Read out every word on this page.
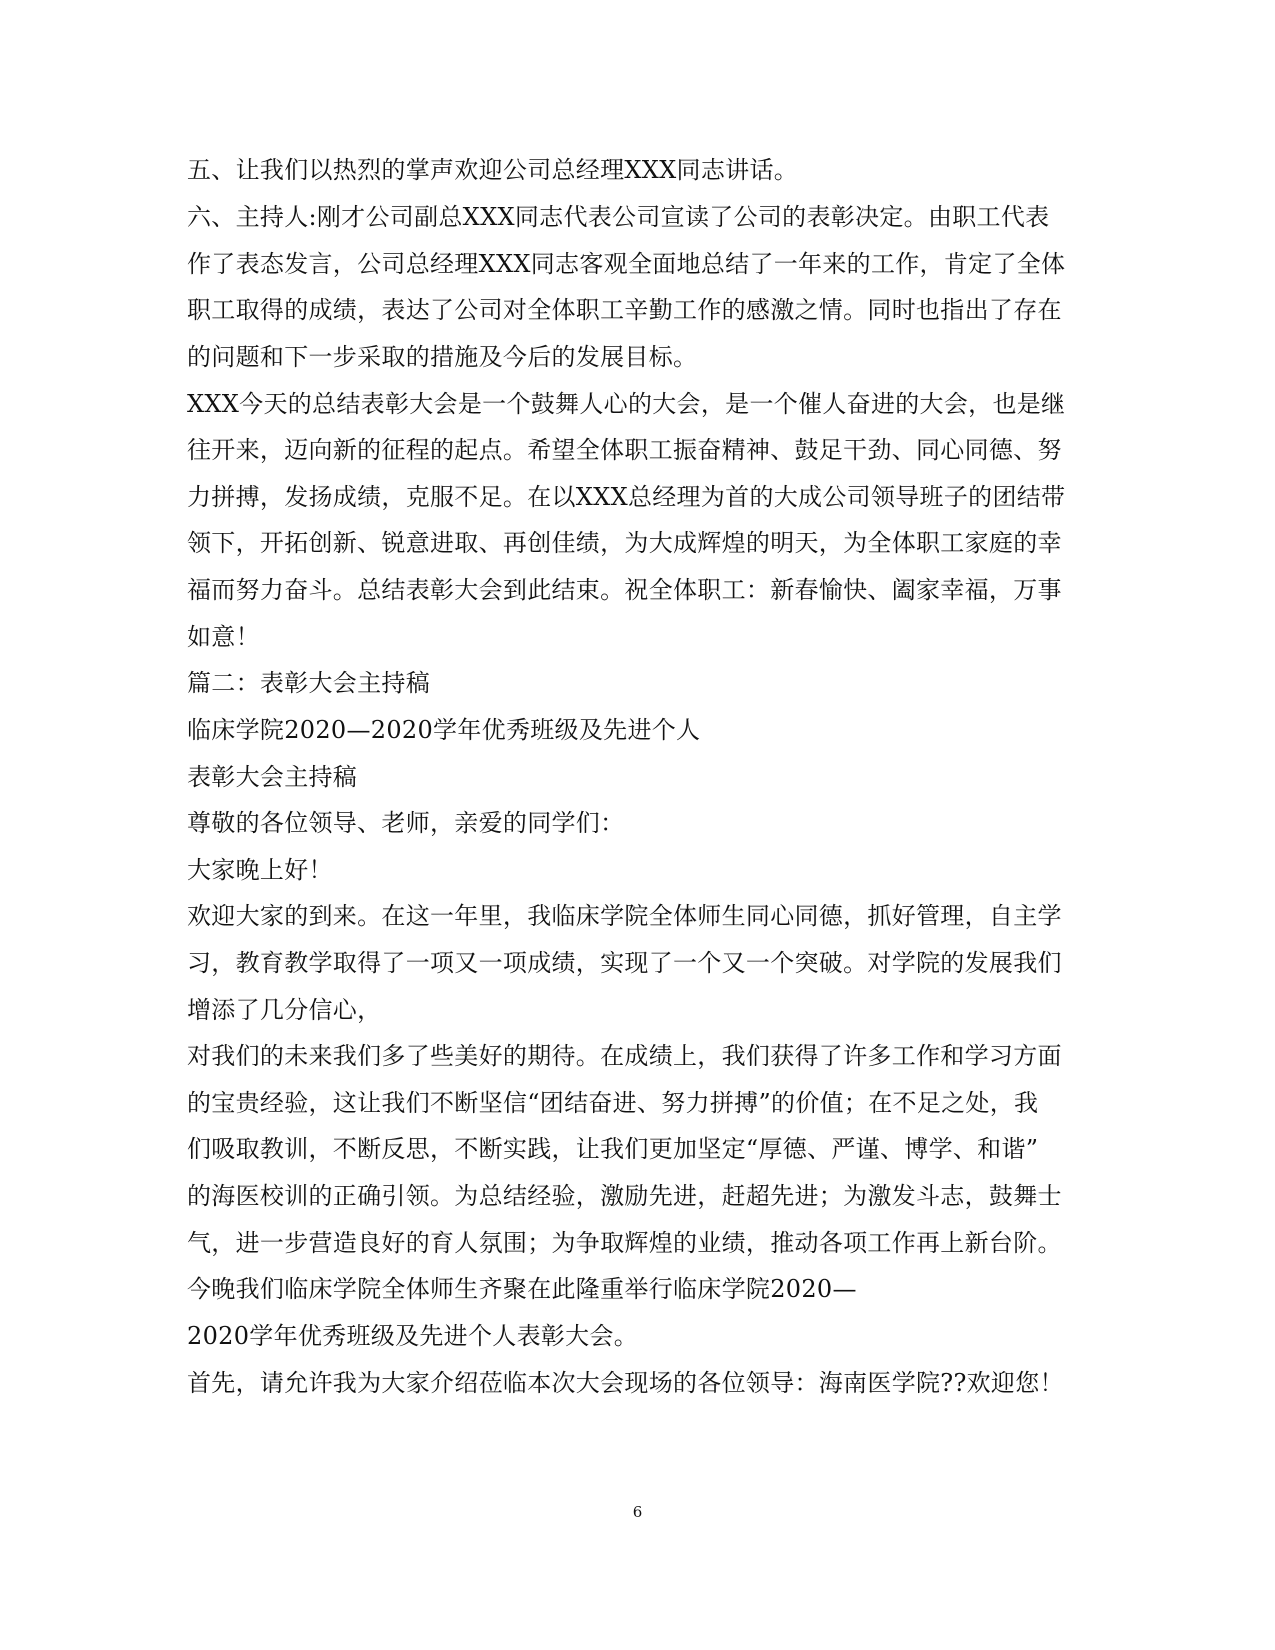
五、让我们以热烈的掌声欢迎公司总经理XXX同志讲话。
六、主持人:刚才公司副总XXX同志代表公司宣读了公司的表彰决定。由职工代表
作了表态发言，公司总经理XXX同志客观全面地总结了一年来的工作，肯定了全体
职工取得的成绩，表达了公司对全体职工辛勤工作的感激之情。同时也指出了存在
的问题和下一步采取的措施及今后的发展目标。
XXX今天的总结表彰大会是一个鼓舞人心的大会，是一个催人奋进的大会，也是继
往开来，迈向新的征程的起点。希望全体职工振奋精神、鼓足干劲、同心同德、努
力拼搏，发扬成绩，克服不足。在以XXX总经理为首的大成公司领导班子的团结带
领下，开拓创新、锐意进取、再创佳绩，为大成辉煌的明天，为全体职工家庭的幸
福而努力奋斗。总结表彰大会到此结束。祝全体职工：新春愉快、阖家幸福，万事
如意！
篇二：表彰大会主持稿
临床学院2020—2020学年优秀班级及先进个人
表彰大会主持稿
尊敬的各位领导、老师，亲爱的同学们：
大家晚上好！
欢迎大家的到来。在这一年里，我临床学院全体师生同心同德，抓好管理，自主学
习，教育教学取得了一项又一项成绩，实现了一个又一个突破。对学院的发展我们
增添了几分信心，
对我们的未来我们多了些美好的期待。在成绩上，我们获得了许多工作和学习方面
的宝贵经验，这让我们不断坚信“团结奋进、努力拼搏”的价值；在不足之处，我
们吸取教训，不断反思，不断实践，让我们更加坚定“厚德、严谨、博学、和谐”
的海医校训的正确引领。为总结经验，激励先进，赶超先进；为激发斗志，鼓舞士
气，进一步营造良好的育人氛围；为争取辉煌的业绩，推动各项工作再上新台阶。
今晚我们临床学院全体师生齐聚在此隆重举行临床学院2020—
2020学年优秀班级及先进个人表彰大会。
首先，请允许我为大家介绍莅临本次大会现场的各位领导：海南医学院??欢迎您！
6
